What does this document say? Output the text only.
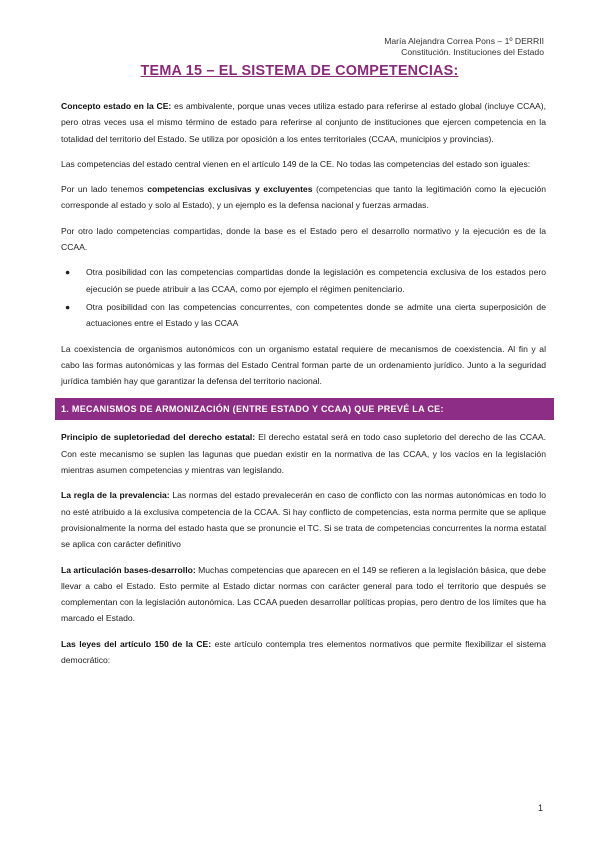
María Alejandra Correa Pons – 1º DERRII
Constitución. Instituciones del Estado
TEMA 15 – EL SISTEMA DE COMPETENCIAS:

Concepto estado en la CE: es ambivalente, porque unas veces utiliza estado para referirse al estado global (incluye CCAA), pero otras veces usa el mismo término de estado para referirse al conjunto de instituciones que ejercen competencia en la totalidad del territorio del Estado. Se utiliza por oposición a los entes territoriales (CCAA, municipios y provincias).

Las competencias del estado central vienen en el artículo 149 de la CE. No todas las competencias del estado son iguales:

Por un lado tenemos competencias exclusivas y excluyentes (competencias que tanto la legitimación como la ejecución corresponde al estado y solo al Estado), y un ejemplo es la defensa nacional y fuerzas armadas.

Por otro lado competencias compartidas, donde la base es el Estado pero el desarrollo normativo y la ejecución es de la CCAA.

● Otra posibilidad con las competencias compartidas donde la legislación es competencia exclusiva de los estados pero ejecución se puede atribuir a las CCAA, como por ejemplo el régimen penitenciario.
● Otra posibilidad con las competencias concurrentes, con competentes donde se admite una cierta superposición de actuaciones entre el Estado y las CCAA

La coexistencia de organismos autonómicos con un organismo estatal requiere de mecanismos de coexistencia. Al fin y al cabo las formas autonómicas y las formas del Estado Central forman parte de un ordenamiento jurídico. Junto a la seguridad jurídica también hay que garantizar la defensa del territorio nacional.

1. MECANISMOS DE ARMONIZACIÓN (ENTRE ESTADO Y CCAA) QUE PREVÉ LA CE:

Principio de supletoriedad del derecho estatal: El derecho estatal será en todo caso supletorio del derecho de las CCAA. Con este mecanismo se suplen las lagunas que puedan existir en la normativa de las CCAA, y los vacíos en la legislación mientras asumen competencias y mientras van legislando.

La regla de la prevalencia: Las normas del estado prevalecerán en caso de conflicto con las normas autonómicas en todo lo no esté atribuido a la exclusiva competencia de la CCAA. Si hay conflicto de competencias, esta norma permite que se aplique provisionalmente la norma del estado hasta que se pronuncie el TC. Si se trata de competencias concurrentes la norma estatal se aplica con carácter definitivo

La articulación bases-desarrollo: Muchas competencias que aparecen en el 149 se refieren a la legislación básica, que debe llevar a cabo el Estado. Esto permite al Estado dictar normas con carácter general para todo el territorio que después se complementan con la legislación autonómica. Las CCAA pueden desarrollar políticas propias, pero dentro de los límites que ha marcado el Estado.

Las leyes del artículo 150 de la CE: este artículo contempla tres elementos normativos que permite flexibilizar el sistema democrático:

1
